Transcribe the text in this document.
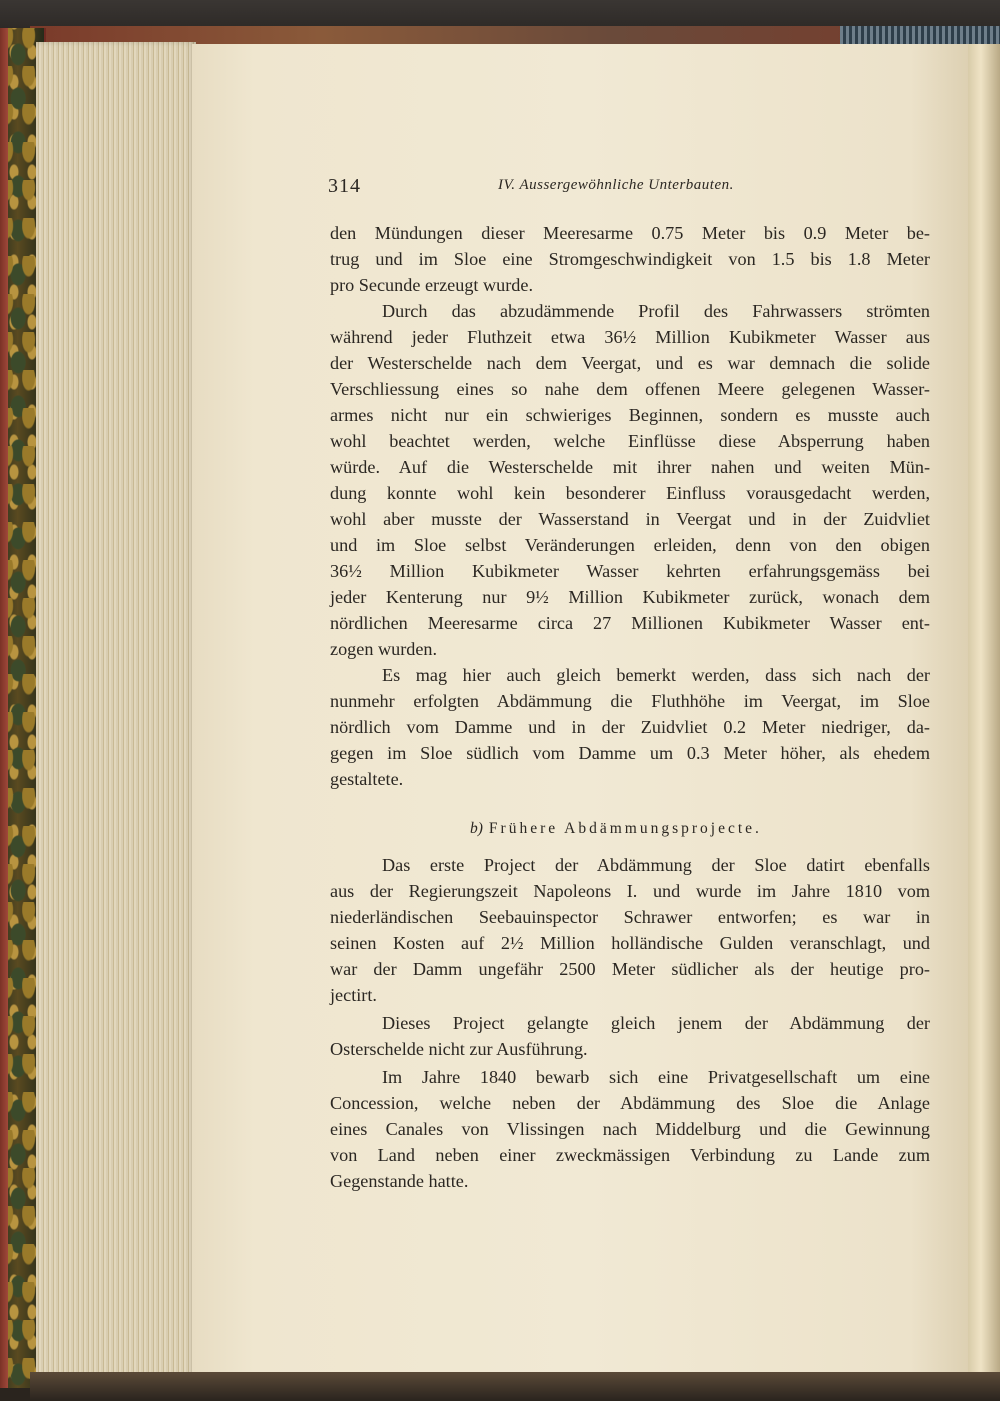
314	IV. Aussergewöhnliche Unterbauten.
den Mündungen dieser Meeresarme 0.75 Meter bis 0.9 Meter be-
trug und im Sloe eine Stromgeschwindigkeit von 1.5 bis 1.8 Meter
pro Secunde erzeugt wurde.
Durch das abzudämmende Profil des Fahrwassers strömten
während jeder Fluthzeit etwa 36½ Million Kubikmeter Wasser aus
der Westerschelde nach dem Veergat, und es war demnach die solide
Verschliessung eines so nahe dem offenen Meere gelegenen Wasser-
armes nicht nur ein schwieriges Beginnen, sondern es musste auch
wohl beachtet werden, welche Einflüsse diese Absperrung haben
würde. Auf die Westerschelde mit ihrer nahen und weiten Mün-
dung konnte wohl kein besonderer Einfluss vorausgedacht werden,
wohl aber musste der Wasserstand in Veergat und in der Zuidvliet
und im Sloe selbst Veränderungen erleiden, denn von den obigen
36½ Million Kubikmeter Wasser kehrten erfahrungsgemäss bei
jeder Kenterung nur 9½ Million Kubikmeter zurück, wonach dem
nördlichen Meeresarme circa 27 Millionen Kubikmeter Wasser ent-
zogen wurden.
Es mag hier auch gleich bemerkt werden, dass sich nach der
nunmehr erfolgten Abdämmung die Fluthhöhe im Veergat, im Sloe
nördlich vom Damme und in der Zuidvliet 0.2 Meter niedriger, da-
gegen im Sloe südlich vom Damme um 0.3 Meter höher, als ehedem
gestaltete.
b) Frühere Abdämmungsprojecte.
Das erste Project der Abdämmung der Sloe datirt ebenfalls
aus der Regierungszeit Napoleons I. und wurde im Jahre 1810 vom
niederländischen Seebauinspector Schrawer entworfen; es war in
seinen Kosten auf 2½ Million holländische Gulden veranschlagt, und
war der Damm ungefähr 2500 Meter südlicher als der heutige pro-
jectirt.
Dieses Project gelangte gleich jenem der Abdämmung der
Osterschelde nicht zur Ausführung.
Im Jahre 1840 bewarb sich eine Privatgesellschaft um eine
Concession, welche neben der Abdämmung des Sloe die Anlage
eines Canales von Vlissingen nach Middelburg und die Gewinnung
von Land neben einer zweckmässigen Verbindung zu Lande zum
Gegenstande hatte.
